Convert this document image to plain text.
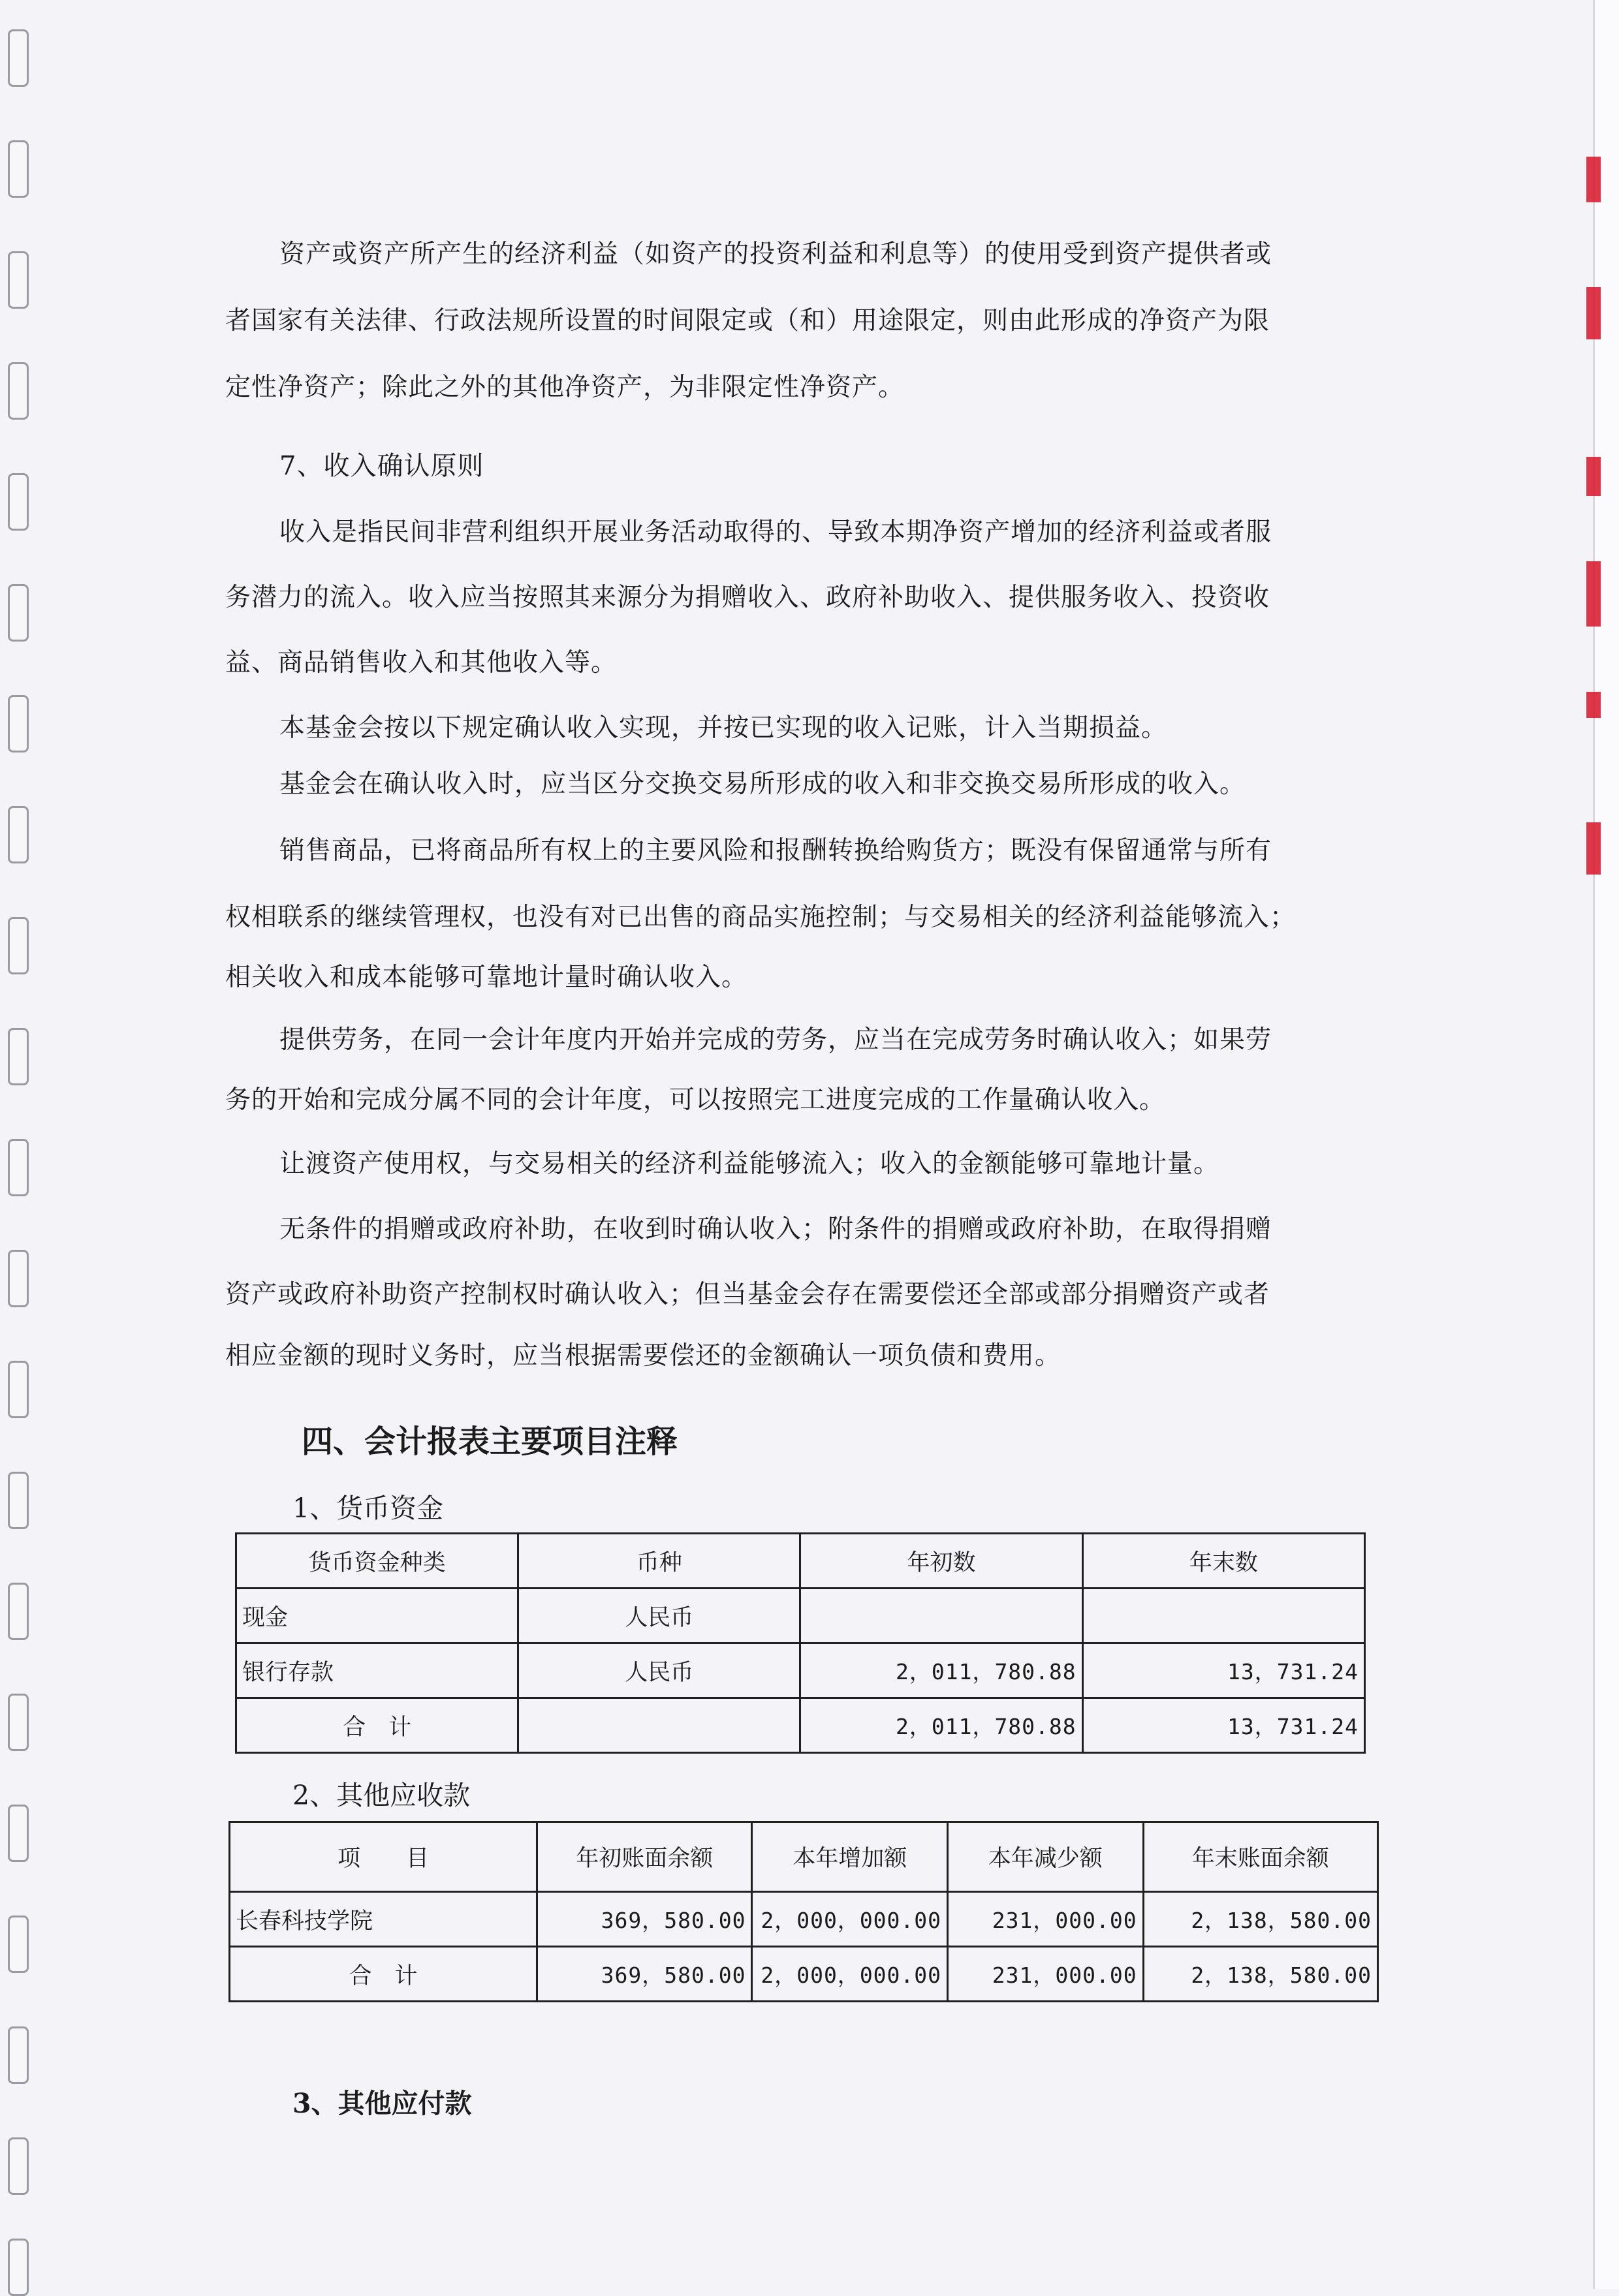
资产或资产所产生的经济利益（如资产的投资利益和利息等）的使用受到资产提供者或
者国家有关法律、行政法规所设置的时间限定或（和）用途限定，则由此形成的净资产为限
定性净资产；除此之外的其他净资产，为非限定性净资产。
7、收入确认原则
收入是指民间非营利组织开展业务活动取得的、导致本期净资产增加的经济利益或者服
务潜力的流入。收入应当按照其来源分为捐赠收入、政府补助收入、提供服务收入、投资收
益、商品销售收入和其他收入等。
本基金会按以下规定确认收入实现，并按已实现的收入记账，计入当期损益。
基金会在确认收入时，应当区分交换交易所形成的收入和非交换交易所形成的收入。
销售商品，已将商品所有权上的主要风险和报酬转换给购货方；既没有保留通常与所有
权相联系的继续管理权，也没有对已出售的商品实施控制；与交易相关的经济利益能够流入；
相关收入和成本能够可靠地计量时确认收入。
提供劳务，在同一会计年度内开始并完成的劳务，应当在完成劳务时确认收入；如果劳
务的开始和完成分属不同的会计年度，可以按照完工进度完成的工作量确认收入。
让渡资产使用权，与交易相关的经济利益能够流入；收入的金额能够可靠地计量。
无条件的捐赠或政府补助，在收到时确认收入；附条件的捐赠或政府补助，在取得捐赠
资产或政府补助资产控制权时确认收入；但当基金会存在需要偿还全部或部分捐赠资产或者
相应金额的现时义务时，应当根据需要偿还的金额确认一项负债和费用。
四、会计报表主要项目注释
1、货币资金
货币资金种类	币种	年初数	年末数
现金	人民币		
银行存款	人民币	2，011，780.88	13，731.24
合　计		2，011，780.88	13，731.24
2、其他应收款
项　　目	年初账面余额	本年增加额	本年减少额	年末账面余额
长春科技学院	369，580.00	2，000，000.00	231，000.00	2，138，580.00
合　计	369，580.00	2，000，000.00	231，000.00	2，138，580.00
3、其他应付款
